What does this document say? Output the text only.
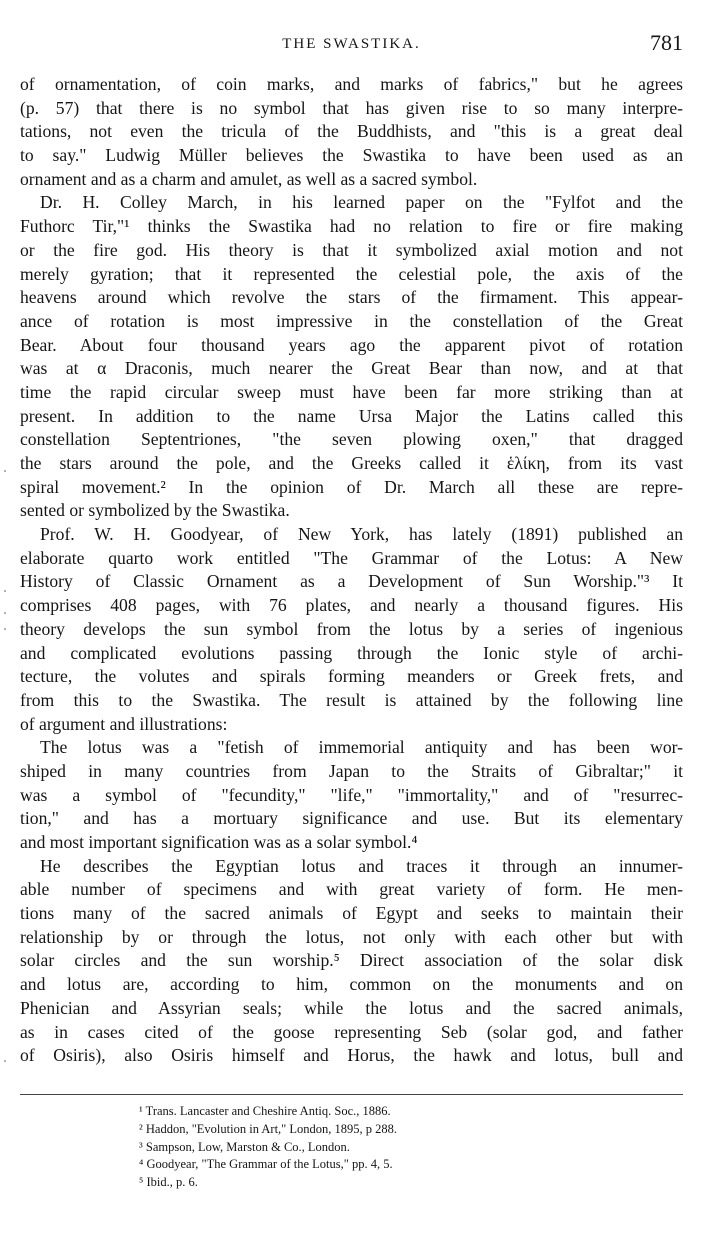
THE SWASTIKA.	781
of ornamentation, of coin marks, and marks of fabrics," but he agrees
(p. 57) that there is no symbol that has given rise to so many interpre-
tations, not even the tricula of the Buddhists, and "this is a great deal
to say." Ludwig Müller believes the Swastika to have been used as an
ornament and as a charm and amulet, as well as a sacred symbol.
Dr. H. Colley March, in his learned paper on the "Fylfot and the
Futhorc Tir,"¹ thinks the Swastika had no relation to fire or fire making
or the fire god. His theory is that it symbolized axial motion and not
merely gyration; that it represented the celestial pole, the axis of the
heavens around which revolve the stars of the firmament. This appear-
ance of rotation is most impressive in the constellation of the Great
Bear. About four thousand years ago the apparent pivot of rotation
was at α Draconis, much nearer the Great Bear than now, and at that
time the rapid circular sweep must have been far more striking than at
present. In addition to the name Ursa Major the Latins called this
constellation Septentriones, "the seven plowing oxen," that dragged
the stars around the pole, and the Greeks called it ἑλίκη, from its vast
spiral movement.² In the opinion of Dr. March all these are repre-
sented or symbolized by the Swastika.
Prof. W. H. Goodyear, of New York, has lately (1891) published an
elaborate quarto work entitled "The Grammar of the Lotus: A New
History of Classic Ornament as a Development of Sun Worship."³ It
comprises 408 pages, with 76 plates, and nearly a thousand figures. His
theory develops the sun symbol from the lotus by a series of ingenious
and complicated evolutions passing through the Ionic style of archi-
tecture, the volutes and spirals forming meanders or Greek frets, and
from this to the Swastika. The result is attained by the following line
of argument and illustrations:
The lotus was a "fetish of immemorial antiquity and has been wor-
shiped in many countries from Japan to the Straits of Gibraltar;" it
was a symbol of "fecundity," "life," "immortality," and of "resurrec-
tion," and has a mortuary significance and use. But its elementary
and most important signification was as a solar symbol.⁴
He describes the Egyptian lotus and traces it through an innumer-
able number of specimens and with great variety of form. He men-
tions many of the sacred animals of Egypt and seeks to maintain their
relationship by or through the lotus, not only with each other but with
solar circles and the sun worship.⁵ Direct association of the solar disk
and lotus are, according to him, common on the monuments and on
Phenician and Assyrian seals; while the lotus and the sacred animals,
as in cases cited of the goose representing Seb (solar god, and father
of Osiris), also Osiris himself and Horus, the hawk and lotus, bull and
¹ Trans. Lancaster and Cheshire Antiq. Soc., 1886.
² Haddon, "Evolution in Art," London, 1895, p 288.
³ Sampson, Low, Marston & Co., London.
⁴ Goodyear, "The Grammar of the Lotus," pp. 4, 5.
⁵ Ibid., p. 6.
